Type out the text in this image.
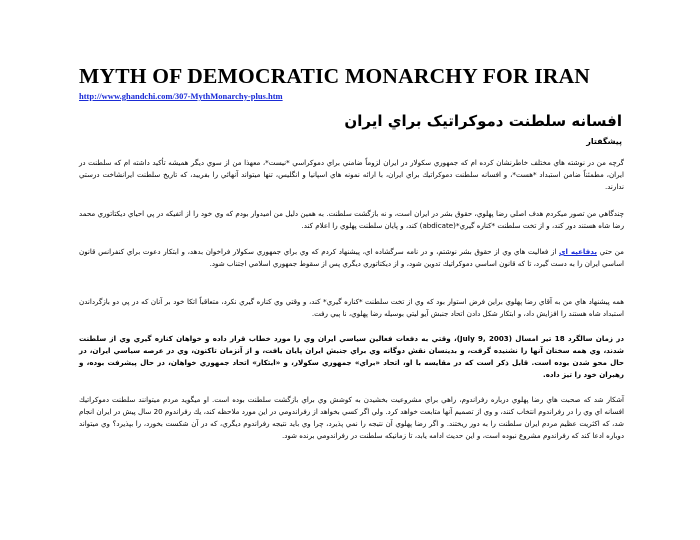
MYTH OF DEMOCRATIC MONARCHY FOR IRAN
http://www.ghandchi.com/307-MythMonarchy-plus.htm
افسانه سلطنت دموکراتیک براي ايران
پيشگفتار

گرچه من در نوشته هاي مختلف خاطرنشان كرده ام كه جمهوري سكولار در ايران لزوماً ضامني براي دموكراسي *نيست*، معهذا من از سوي ديگر هميشه تأكيد داشته ام كه سلطنت در ايران، مطمئناً ضامن استبداد *هست*، و افسانه سلطنت دموكراتيك براي ايران، با ارائه نمونه هاي اسپانيا و انگليس، تنها ميتواند آنهائي را بفريبد، كه تاريخ سلطنت ايرانشاخت درستي ندارند.

چندگاهي من تصور ميكردم هدف اصلي رضا پهلوي، حقوق بشر در ايران است، و نه بازگشت سلطنت. به همين دليل من اميدوار بودم كه وي خود را از اتفيکه در پي احياي ديكتاتوري محمد رضا شاه هستند دور كند، و از تخت سلطنت *كناره گيري*(abdicate) كند، و پايان سلطنت پهلوي را اعلام كند.

من حتي بدفاعيه اي از فعاليت هاي وي از حقوق بشر نوشتم، و در نامه سرگشاده اي، پيشنهاد كردم كه وي براي جمهوري سكولار فراخوان بدهد، و ابتكار دعوت براي كنفرانس قانون اساسي ايران را به دست گيرد، تا كه قانون اساسي دموكراتيك تدوين شود، و از ديكتاتوري ديگري پس از سقوط جمهوري اسلامي اجتناب شود.

همه پيشنهاد هاي من به آقاي رضا پهلوي براين فرض استوار بود كه وي از تخت سلطنت *كناره گيري* كند، و وقتي وي كناره گيري نكرد، متعاقباً اتكا خود بر آنان كه در پي دو بازگرداندن استبداد شاه هستند را افزايش داد، و ابتكار شكل دادن اتحاد جنبش آيو ليتي بوسيله رضا پهلوي، نا پيي رفت.

در زمان سالگرد 18 تير امسال (July 9, 2003)، وقتي به دفعات فعالين سياسي ايران وي را مورد خطاب قرار داده و خواهان كناره گيري وي از سلطنت شدند، وي همه سخنان آنها را نشنيده گرفت، و بدينسان نقش دوگانه وي براي جنبش ايران پايان يافت، و از آنزمان تاكنون، وي در عرصه سياسي ايران، در حال محو شدن بوده است. قابل ذكر است كه در مقايسه با او، اتحاد «براي» جمهوري سكولار، و «ابتكار» اتحاد جمهوري خواهان، در حال پيشرفت بوده، و رهبران خود را تيز داده.

آشكار شد كه صحبت هاي رضا پهلوي درباره رفراندوم، راهي براي مشروعيت بخشيدن به كوشش وي براي بازگشت سلطنت بوده است. او ميگويد مردم ميتوانند سلطنت دموكراتيك افسانه اي وي را در رفراندوم انتخاب كنند، و وي از تصميم آنها متابعت خواهد كرد. ولي اگر كسي بخواهد از رفراندومي در اين مورد ملاحظه كند، يك رفراندوم 20 سال پيش در ايران انجام شد، كه اكثريت عظيم مردم ايران سلطنت را به دور ريختند. و اگر رضا پهلوي آن نتيجه را نمي پذيرد، چرا وي بايد نتيجه رفراندوم ديگري، كه در آن شكست بخورد، را بپذيرد؟ وي ميتواند دوباره ادعا كند كه رفراندوم مشروع نبوده است، و اين حديث ادامه يابد، تا زمانيكه سلطنت در رفراندومي برنده شود.
